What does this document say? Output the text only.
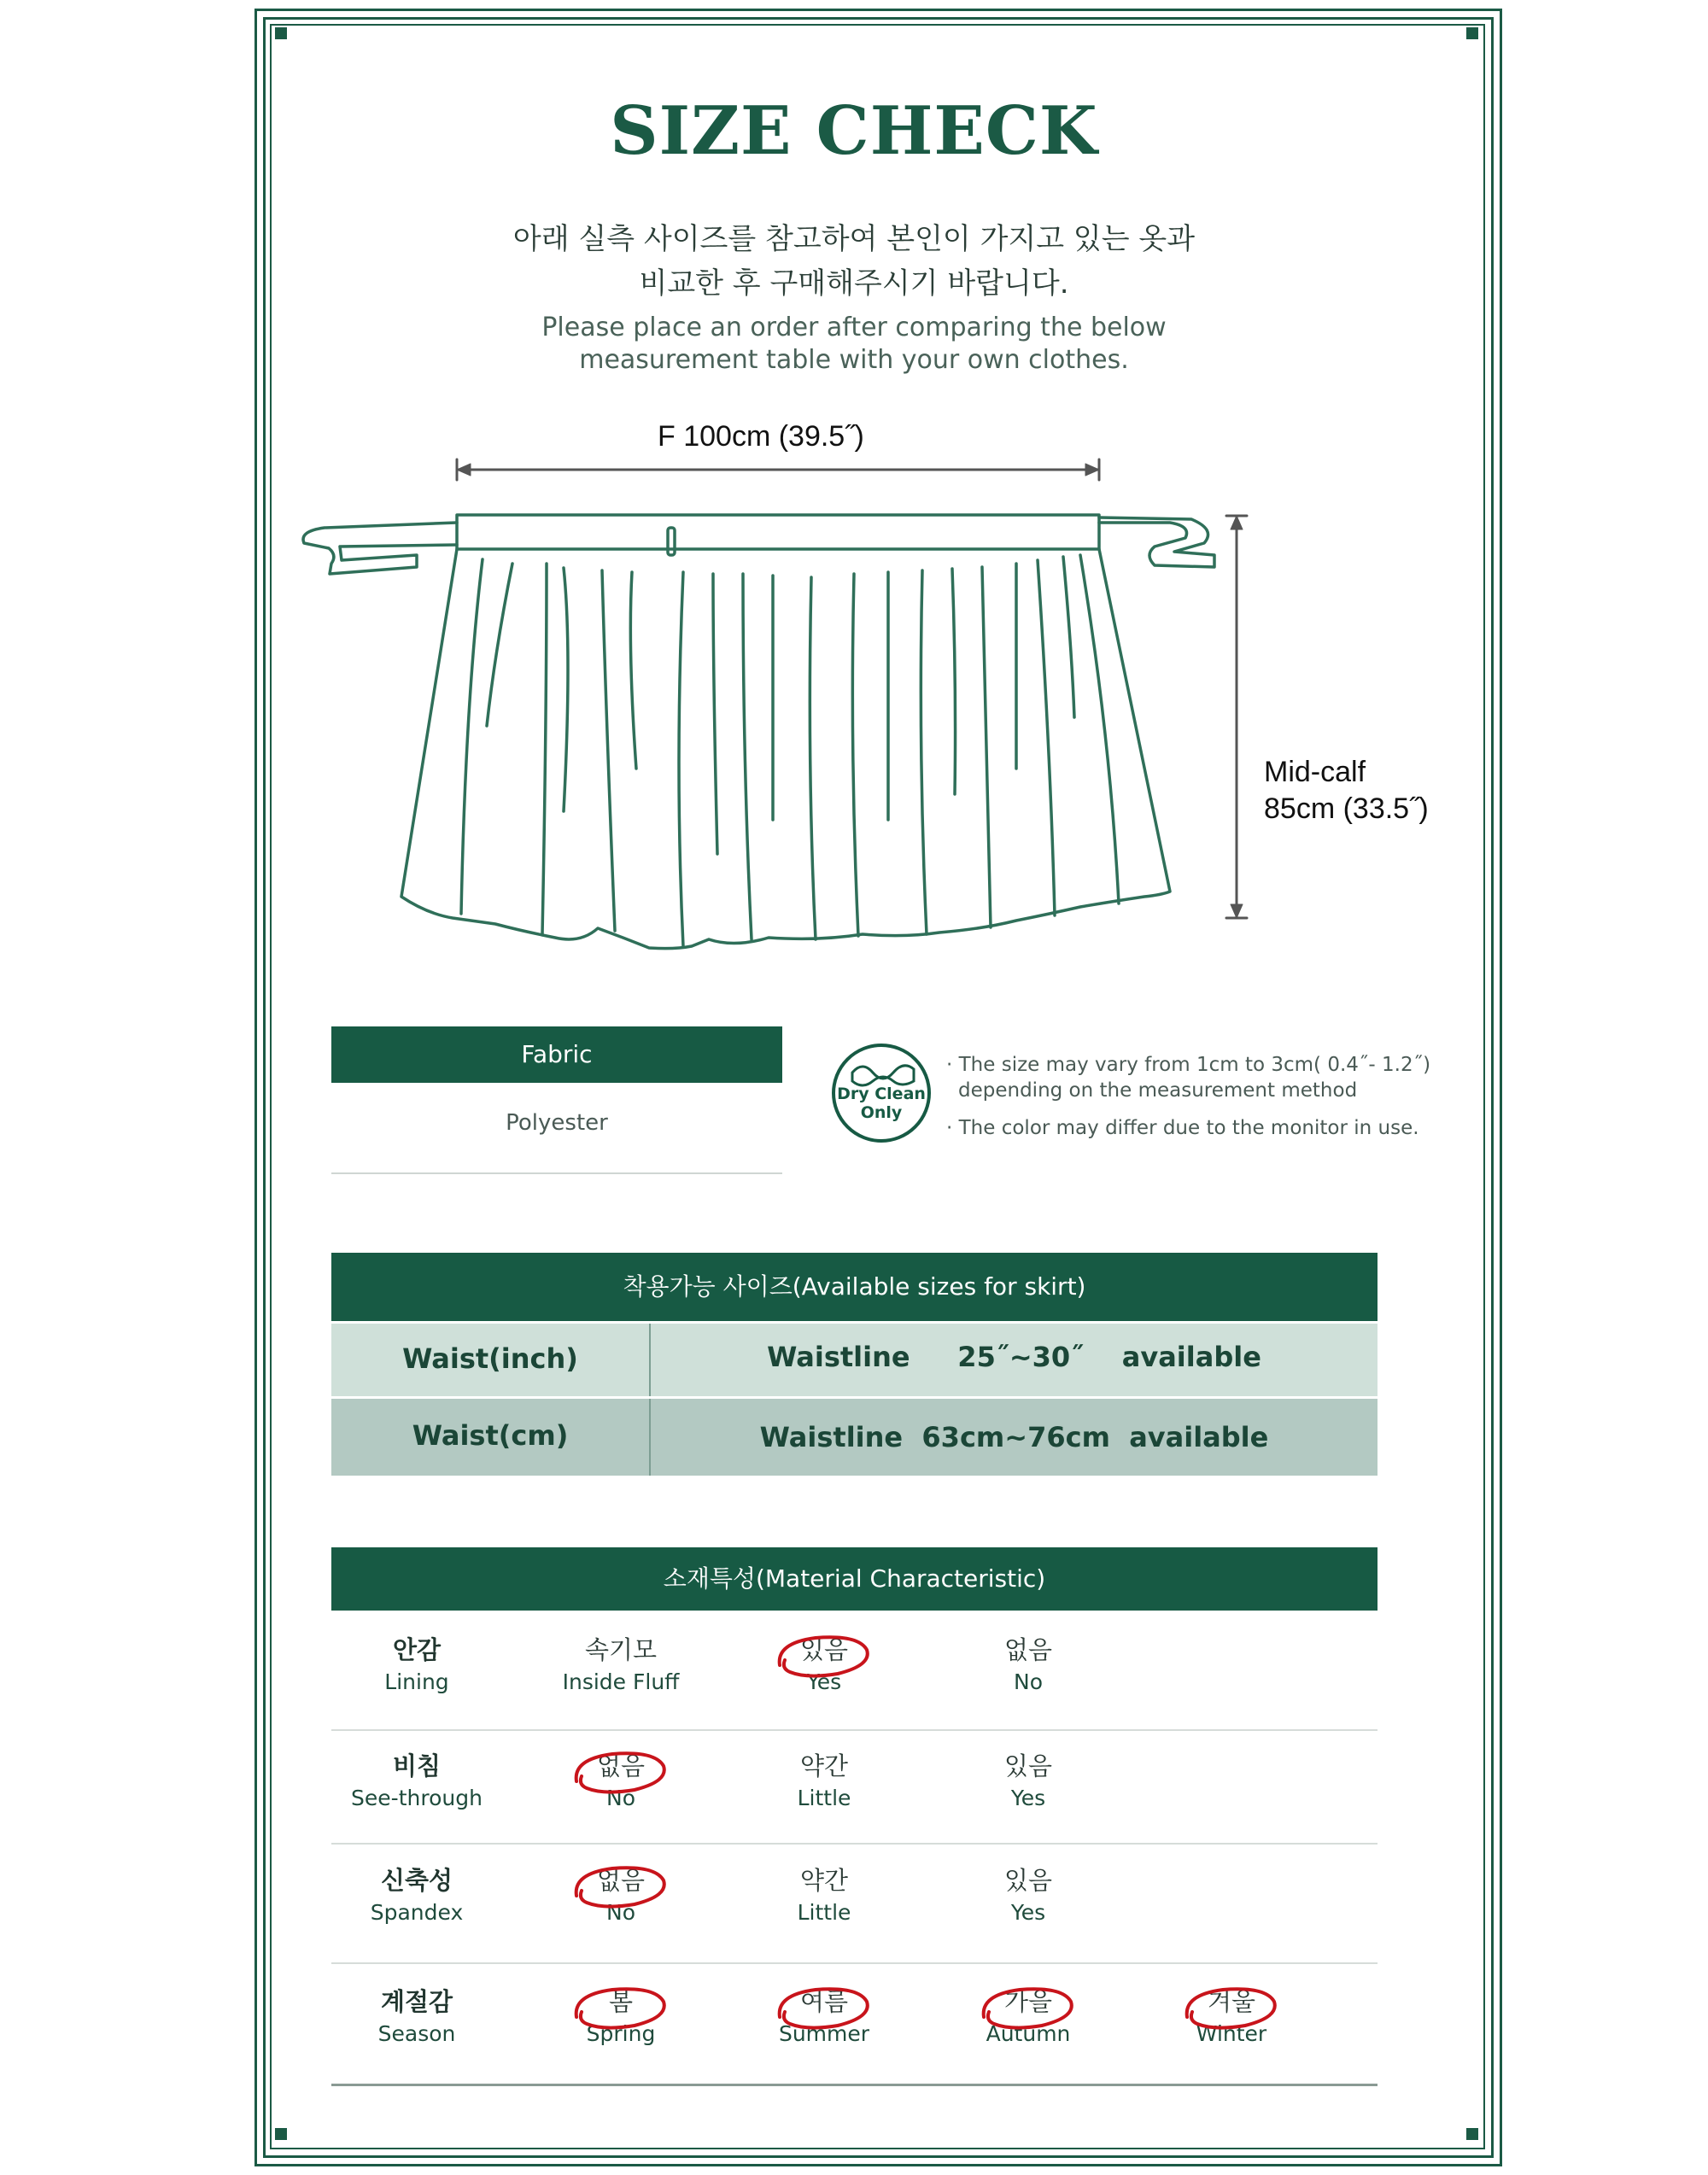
SIZE CHECK
아래 실측 사이즈를 참고하여 본인이 가지고 있는 옷과
비교한 후 구매해주시기 바랍니다.
Please place an order after comparing the below
measurement table with your own clothes.
F 100cm (39.5˝)
Mid-calf
85cm (33.5˝)
Fabric
Polyester
Dry Clean
Only
· The size may vary from 1cm to 3cm( 0.4˝- 1.2˝)
depending on the measurement method
· The color may differ due to the monitor in use.
착용가능 사이즈(Available sizes for skirt)
Waist(inch)	Waistline     25˝~30˝    available
Waist(cm)	Waistline  63cm~76cm  available
소재특성(Material Characteristic)
안감
Lining
속기모
Inside Fluff
있음
Yes
없음
No
비침
See-through
없음
No
약간
Little
있음
Yes
신축성
Spandex
없음
No
약간
Little
있음
Yes
계절감
Season
봄
Spring
여름
Summer
가을
Autumn
겨울
Winter
